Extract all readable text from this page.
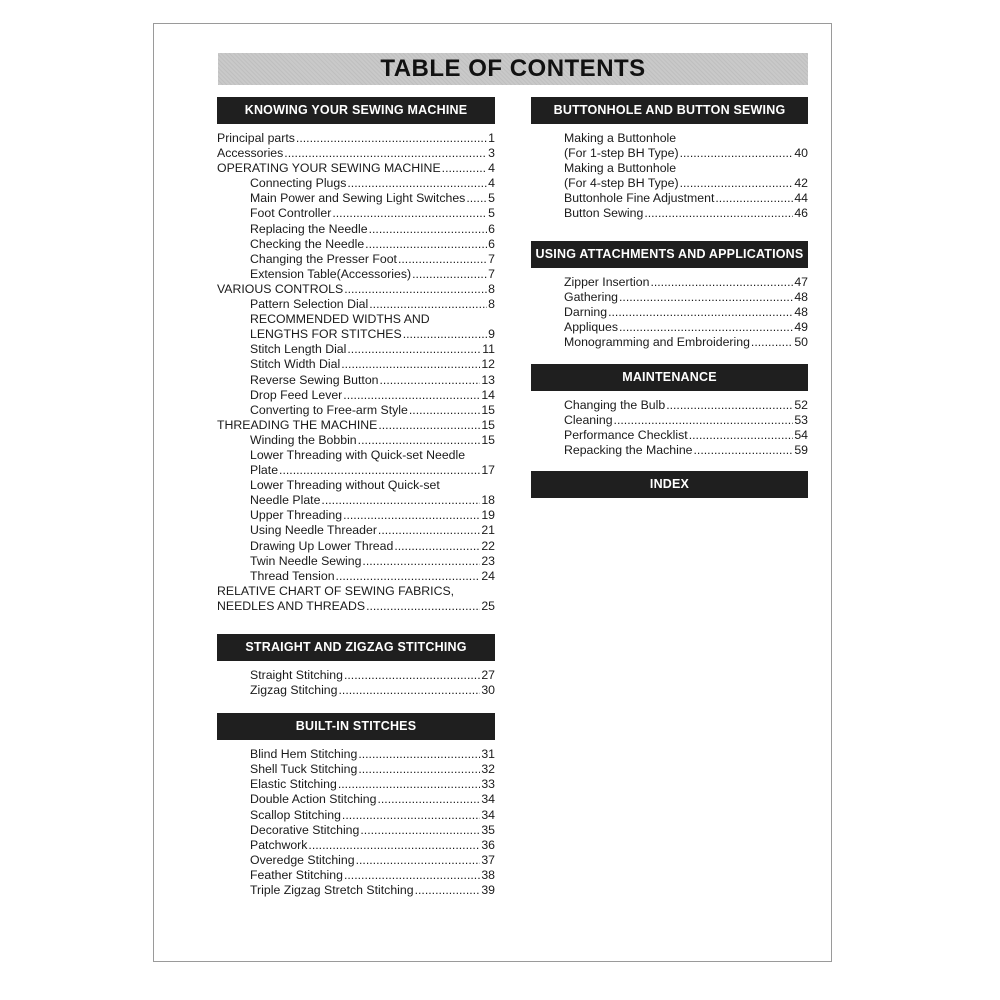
TABLE OF CONTENTS
KNOWING YOUR SEWING MACHINE
Principal parts .....	1
Accessories .....	3
OPERATING YOUR SEWING MACHINE .....	4
Connecting Plugs .....	4
Main Power and Sewing Light Switches ..... 5
Foot Controller .....	5
Replacing the Needle .....	6
Checking the Needle .....	6
Changing the Presser Foot .....	7
Extension Table(Accessories) .....	7
VARIOUS CONTROLS .....	8
Pattern Selection Dial .....	8
RECOMMENDED WIDTHS AND
LENGTHS FOR STITCHES .....	9
Stitch Length Dial .....	11
Stitch Width Dial .....	12
Reverse Sewing Button .....	13
Drop Feed Lever .....	14
Converting to Free-arm Style .....	15
THREADING THE MACHINE .....	15
Winding the Bobbin .....	15
Lower Threading with Quick-set Needle
Plate .....	17
Lower Threading without Quick-set
Needle Plate .....	18
Upper Threading .....	19
Using Needle Threader .....	21
Drawing Up Lower Thread .....	22
Twin Needle Sewing .....	23
Thread Tension .....	24
RELATIVE CHART OF SEWING FABRICS,
NEEDLES AND THREADS .....	25
STRAIGHT AND ZIGZAG STITCHING
Straight Stitching .....	27
Zigzag Stitching .....	30
BUILT-IN STITCHES
Blind Hem Stitching .....	31
Shell Tuck Stitching .....	32
Elastic Stitching .....	33
Double Action Stitching .....	34
Scallop Stitching .....	34
Decorative Stitching .....	35
Patchwork .....	36
Overedge Stitching .....	37
Feather Stitching .....	38
Triple Zigzag Stretch Stitching .....	39
BUTTONHOLE AND BUTTON SEWING
Making a Buttonhole
(For 1-step BH Type) .....	40
Making a Buttonhole
(For 4-step BH Type) .....	42
Buttonhole Fine Adjustment .....	44
Button Sewing .....	46
USING ATTACHMENTS AND APPLICATIONS
Zipper Insertion .....	47
Gathering .....	48
Darning .....	48
Appliques .....	49
Monogramming and Embroidering .....	50
MAINTENANCE
Changing the Bulb .....	52
Cleaning .....	53
Performance Checklist .....	54
Repacking the Machine .....	59
INDEX
